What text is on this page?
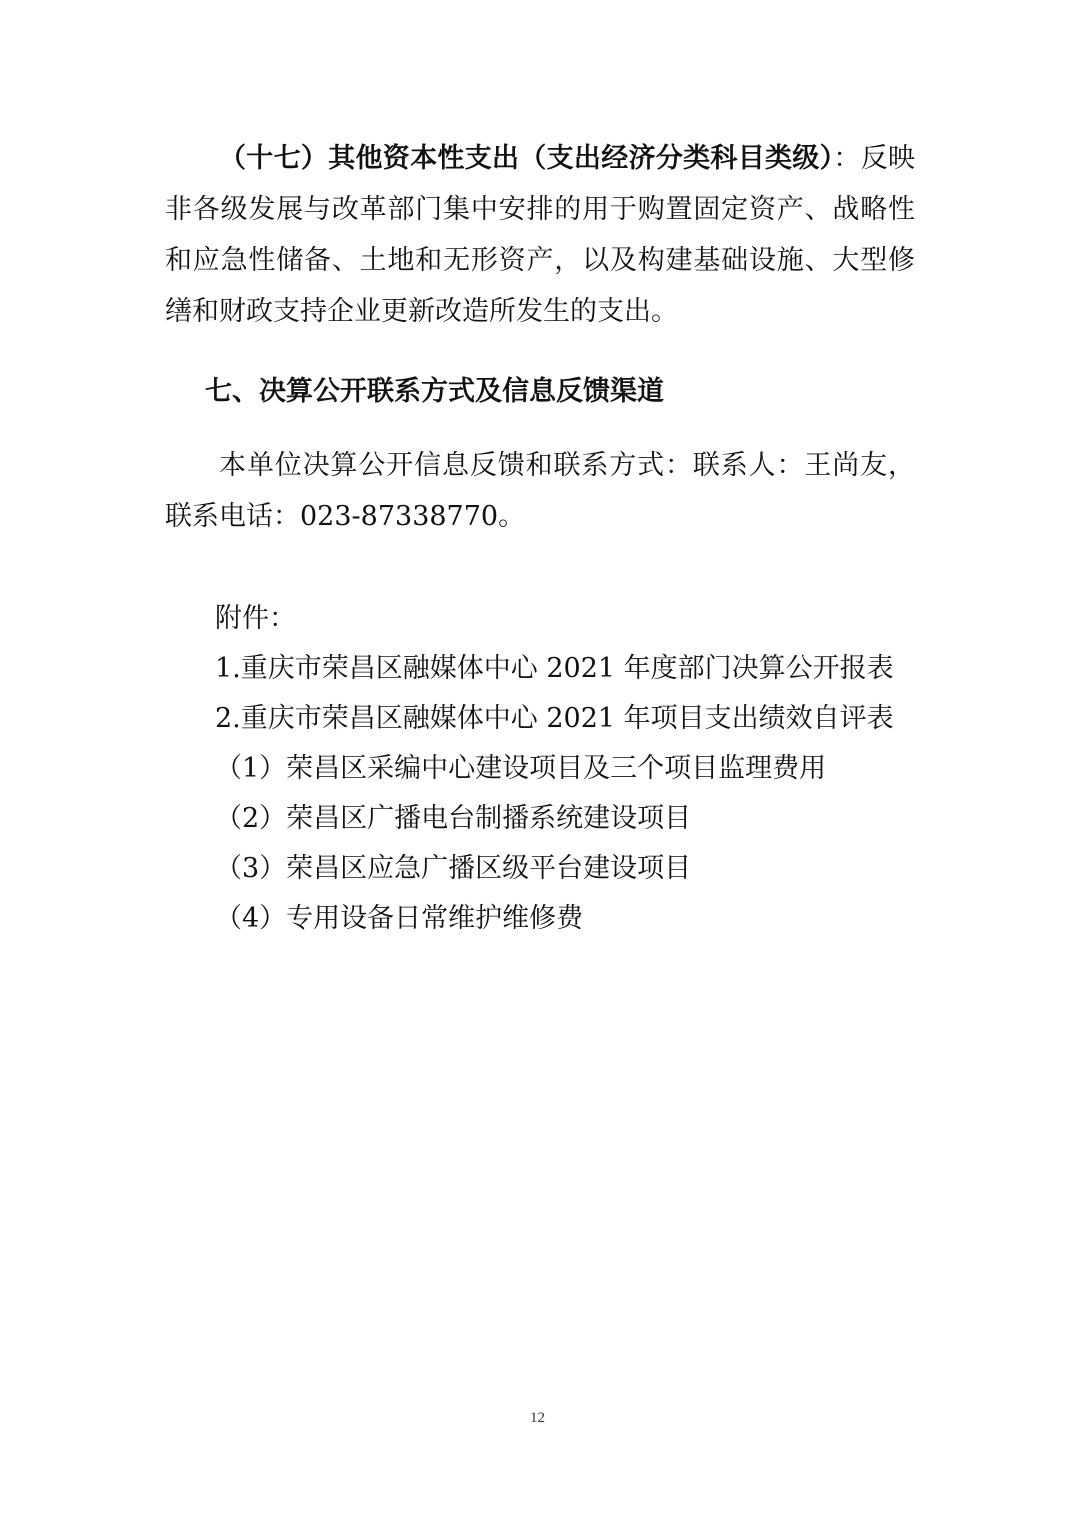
（十七）其他资本性支出（支出经济分类科目类级）：反映非各级发展与改革部门集中安排的用于购置固定资产、战略性和应急性储备、土地和无形资产，以及构建基础设施、大型修缮和财政支持企业更新改造所发生的支出。

七、决算公开联系方式及信息反馈渠道

本单位决算公开信息反馈和联系方式：联系人：王尚友，联系电话：023-87338770。

附件：
1.重庆市荣昌区融媒体中心 2021 年度部门决算公开报表
2.重庆市荣昌区融媒体中心 2021 年项目支出绩效自评表
（1）荣昌区采编中心建设项目及三个项目监理费用
（2）荣昌区广播电台制播系统建设项目
（3）荣昌区应急广播区级平台建设项目
（4）专用设备日常维护维修费
12
